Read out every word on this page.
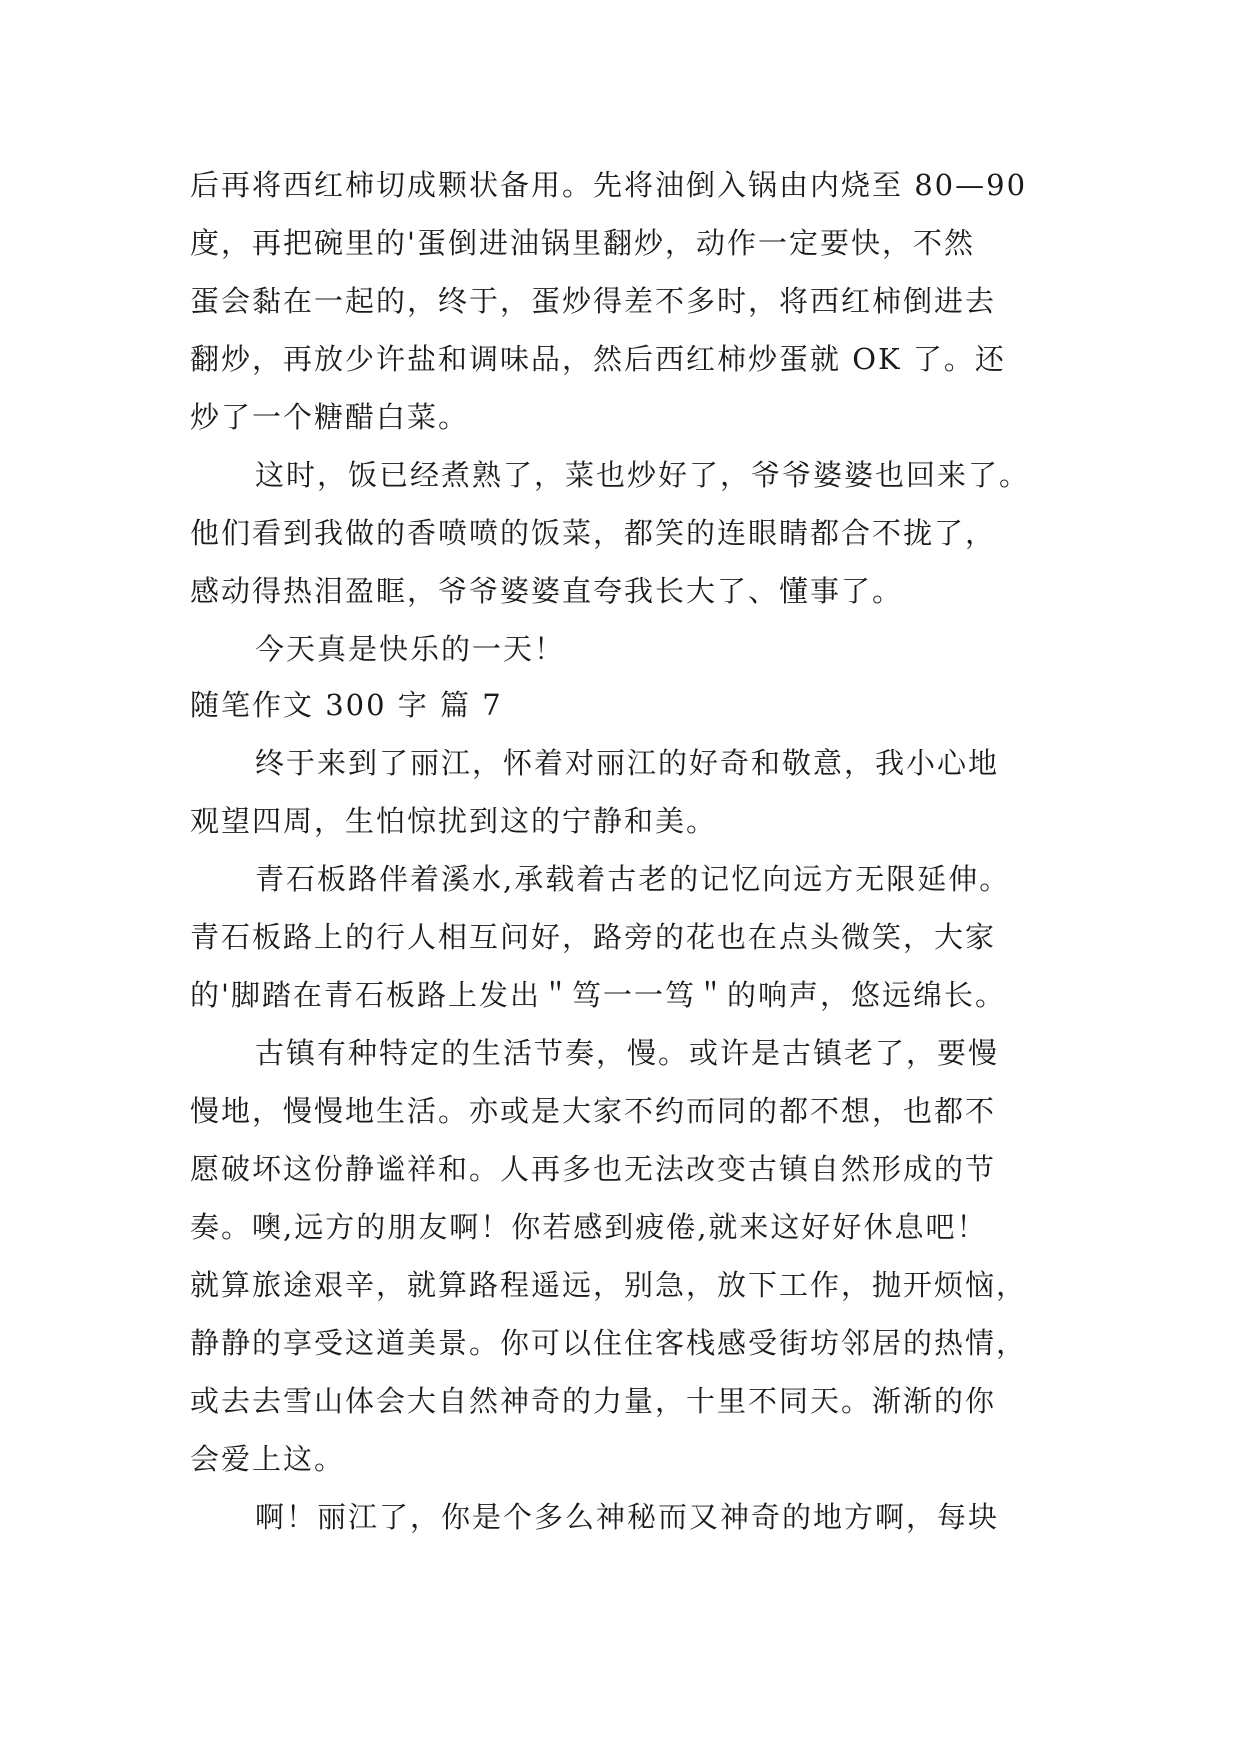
后再将西红柿切成颗状备用。先将油倒入锅由内烧至 80—90
度，再把碗里的'蛋倒进油锅里翻炒，动作一定要快，不然
蛋会黏在一起的，终于，蛋炒得差不多时，将西红柿倒进去
翻炒，再放少许盐和调味品，然后西红柿炒蛋就 OK 了。还
炒了一个糖醋白菜。
这时，饭已经煮熟了，菜也炒好了，爷爷婆婆也回来了。
他们看到我做的香喷喷的饭菜，都笑的连眼睛都合不拢了，
感动得热泪盈眶，爷爷婆婆直夸我长大了、懂事了。
今天真是快乐的一天！
随笔作文 300 字 篇 7
终于来到了丽江，怀着对丽江的好奇和敬意，我小心地
观望四周，生怕惊扰到这的宁静和美。
青石板路伴着溪水,承载着古老的记忆向远方无限延伸。
青石板路上的行人相互问好，路旁的花也在点头微笑，大家
的'脚踏在青石板路上发出＂笃一一笃＂的响声，悠远绵长。
古镇有种特定的生活节奏，慢。或许是古镇老了，要慢
慢地，慢慢地生活。亦或是大家不约而同的都不想，也都不
愿破坏这份静谧祥和。人再多也无法改变古镇自然形成的节
奏。噢,远方的朋友啊！你若感到疲倦,就来这好好休息吧！
就算旅途艰辛，就算路程遥远，别急，放下工作，抛开烦恼，
静静的享受这道美景。你可以住住客栈感受街坊邻居的热情，
或去去雪山体会大自然神奇的力量，十里不同天。渐渐的你
会爱上这。
啊！丽江了，你是个多么神秘而又神奇的地方啊，每块
